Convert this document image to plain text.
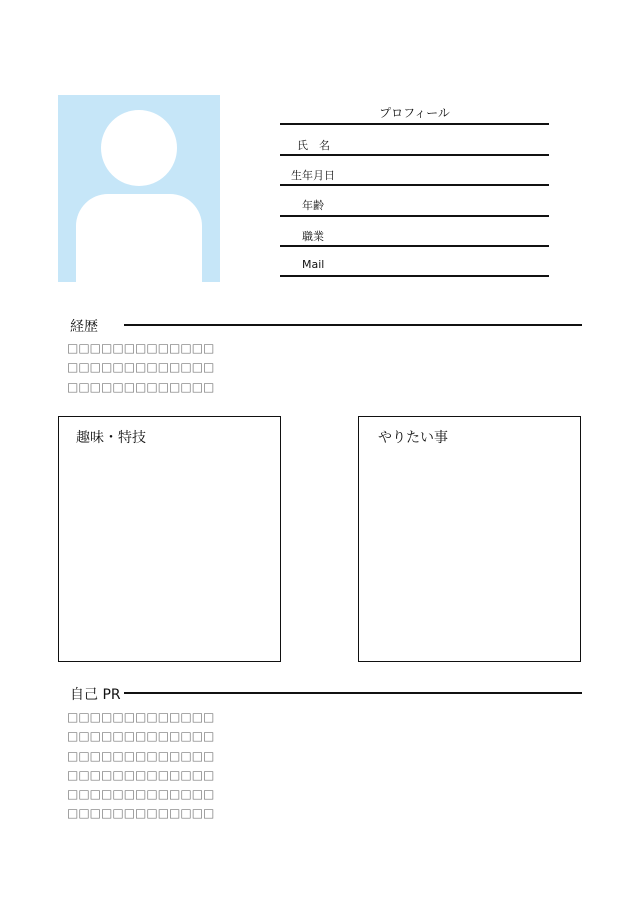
プロフィール
氏　名
生年月日
年齢
職業
Mail
経歴
□□□□□□□□□□□□□
□□□□□□□□□□□□□
□□□□□□□□□□□□□
趣味・特技	やりたい事
自己 PR
□□□□□□□□□□□□□
□□□□□□□□□□□□□
□□□□□□□□□□□□□
□□□□□□□□□□□□□
□□□□□□□□□□□□□
□□□□□□□□□□□□□
